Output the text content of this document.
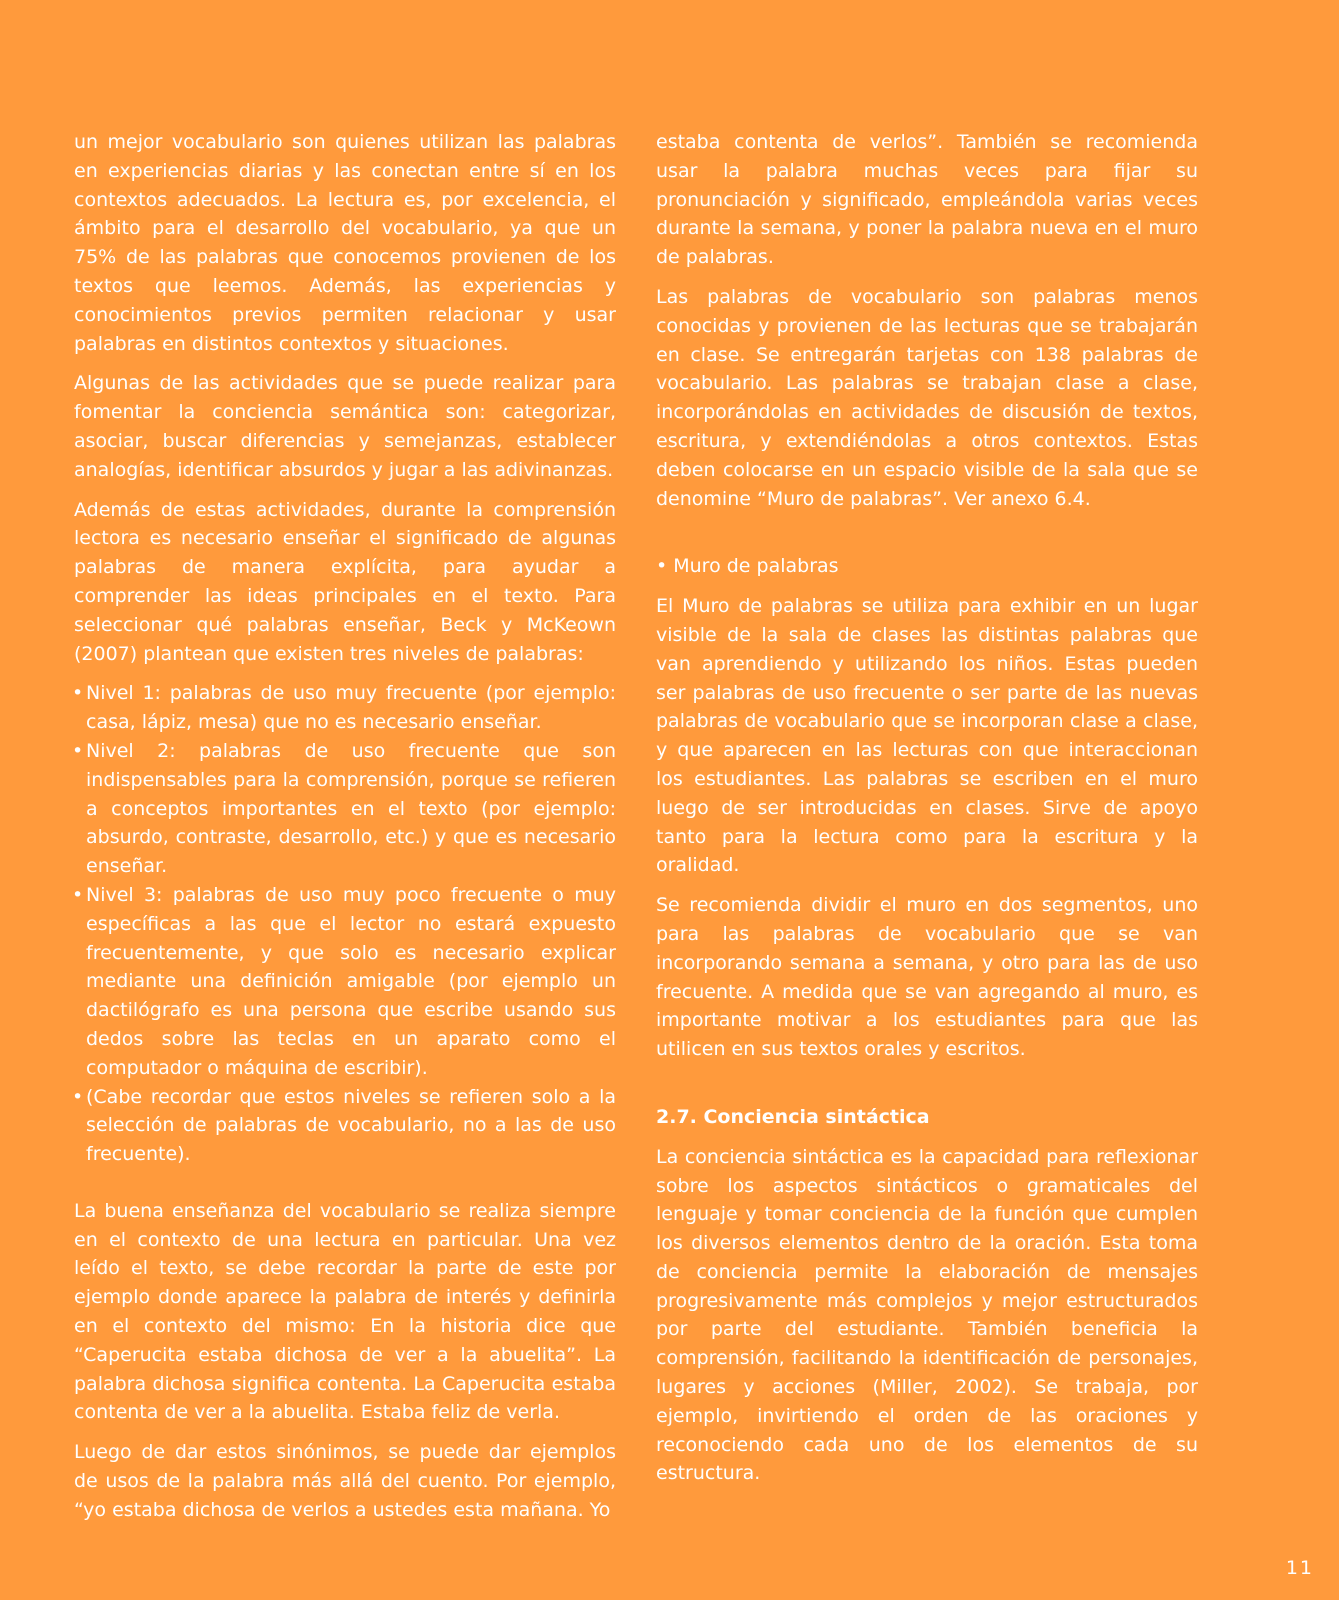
un mejor vocabulario son quienes utilizan las palabras en experiencias diarias y las conectan entre sí en los contextos adecuados. La lectura es, por excelencia, el ámbito para el desarrollo del vocabulario, ya que un 75% de las palabras que conocemos provienen de los textos que leemos. Además, las experiencias y conocimientos previos permiten relacionar y usar palabras en distintos contextos y situaciones.

Algunas de las actividades que se puede realizar para fomentar la conciencia semántica son: categorizar, asociar, buscar diferencias y semejanzas, establecer analogías, identificar absurdos y jugar a las adivinanzas.

Además de estas actividades, durante la comprensión lectora es necesario enseñar el significado de algunas palabras de manera explícita, para ayudar a comprender las ideas principales en el texto. Para seleccionar qué palabras enseñar, Beck y McKeown (2007) plantean que existen tres niveles de palabras:

• Nivel 1: palabras de uso muy frecuente (por ejemplo: casa, lápiz, mesa) que no es necesario enseñar.
• Nivel 2: palabras de uso frecuente que son indispensables para la comprensión, porque se refieren a conceptos importantes en el texto (por ejemplo: absurdo, contraste, desarrollo, etc.) y que es necesario enseñar.
• Nivel 3: palabras de uso muy poco frecuente o muy específicas a las que el lector no estará expuesto frecuentemente, y que solo es necesario explicar mediante una definición amigable (por ejemplo un dactilógrafo es una persona que escribe usando sus dedos sobre las teclas en un aparato como el computador o máquina de escribir).
• (Cabe recordar que estos niveles se refieren solo a la selección de palabras de vocabulario, no a las de uso frecuente).

La buena enseñanza del vocabulario se realiza siempre en el contexto de una lectura en particular. Una vez leído el texto, se debe recordar la parte de este por ejemplo donde aparece la palabra de interés y definirla en el contexto del mismo: En la historia dice que “Caperucita estaba dichosa de ver a la abuelita”. La palabra dichosa significa contenta. La Caperucita estaba contenta de ver a la abuelita. Estaba feliz de verla.

Luego de dar estos sinónimos, se puede dar ejemplos de usos de la palabra más allá del cuento. Por ejemplo, “yo estaba dichosa de verlos a ustedes esta mañana. Yo

estaba contenta de verlos”. También se recomienda usar la palabra muchas veces para fijar su pronunciación y significado, empleándola varias veces durante la semana, y poner la palabra nueva en el muro de palabras.

Las palabras de vocabulario son palabras menos conocidas y provienen de las lecturas que se trabajarán en clase. Se entregarán tarjetas con 138 palabras de vocabulario. Las palabras se trabajan clase a clase, incorporándolas en actividades de discusión de textos, escritura, y extendiéndolas a otros contextos. Estas deben colocarse en un espacio visible de la sala que se denomine “Muro de palabras”. Ver anexo 6.4.

• Muro de palabras

El Muro de palabras se utiliza para exhibir en un lugar visible de la sala de clases las distintas palabras que van aprendiendo y utilizando los niños. Estas pueden ser palabras de uso frecuente o ser parte de las nuevas palabras de vocabulario que se incorporan clase a clase, y que aparecen en las lecturas con que interaccionan los estudiantes. Las palabras se escriben en el muro luego de ser introducidas en clases. Sirve de apoyo tanto para la lectura como para la escritura y la oralidad.

Se recomienda dividir el muro en dos segmentos, uno para las palabras de vocabulario que se van incorporando semana a semana, y otro para las de uso frecuente. A medida que se van agregando al muro, es importante motivar a los estudiantes para que las utilicen en sus textos orales y escritos.

2.7. Conciencia sintáctica

La conciencia sintáctica es la capacidad para reflexionar sobre los aspectos sintácticos o gramaticales del lenguaje y tomar conciencia de la función que cumplen los diversos elementos dentro de la oración. Esta toma de conciencia permite la elaboración de mensajes progresivamente más complejos y mejor estructurados por parte del estudiante. También beneficia la comprensión, facilitando la identificación de personajes, lugares y acciones (Miller, 2002). Se trabaja, por ejemplo, invirtiendo el orden de las oraciones y reconociendo cada uno de los elementos de su estructura.

11
